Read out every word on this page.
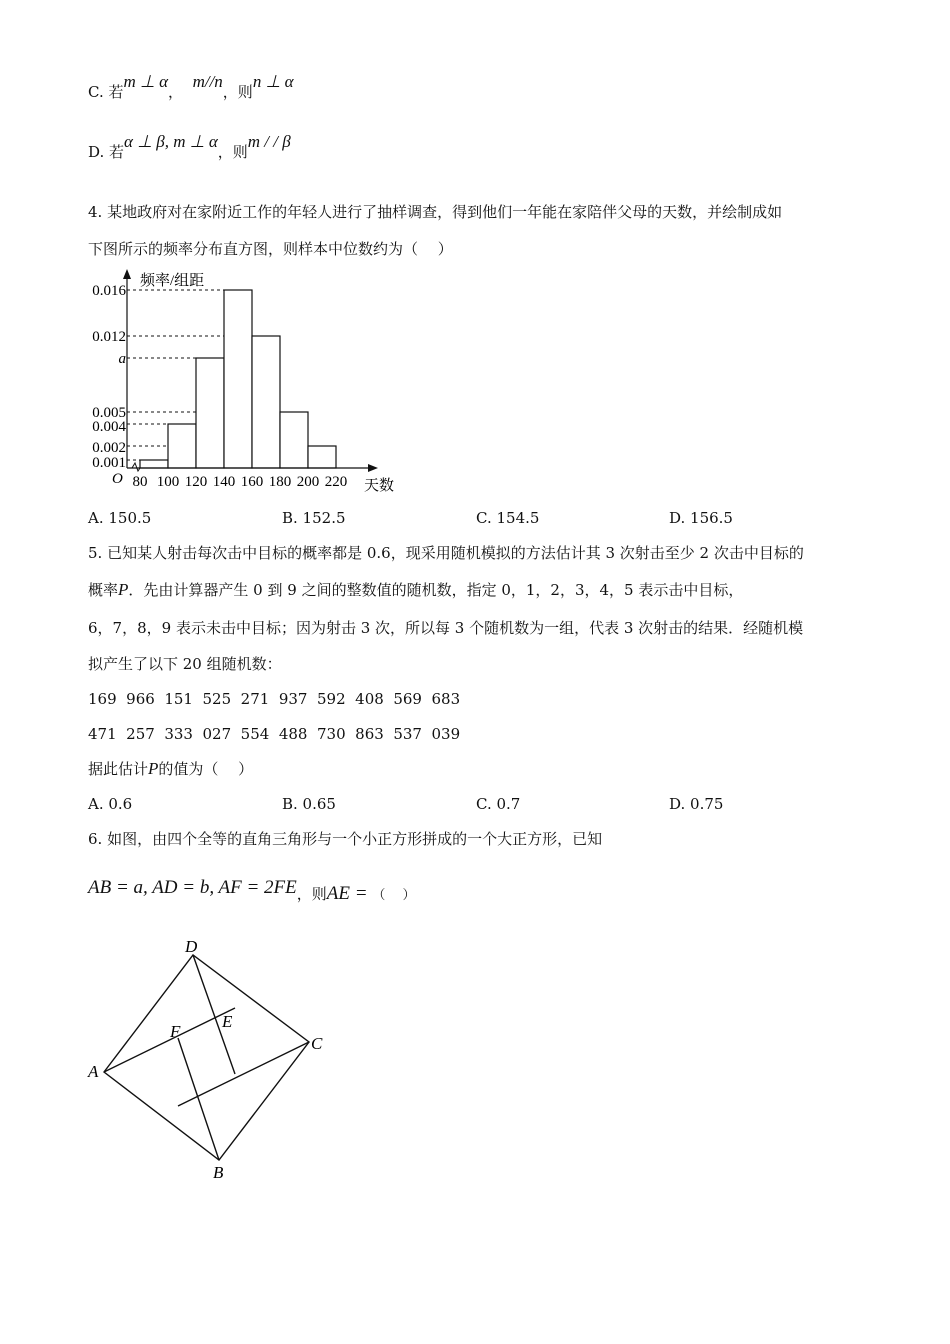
C. 若m ⊥ α，  m//n，则n ⊥ α
D. 若α ⊥ β, m ⊥ α，则m / / β
4. 某地政府对在家附近工作的年轻人进行了抽样调查，得到他们一年能在家陪伴父母的天数，并绘制成如
下图所示的频率分布直方图，则样本中位数约为（　 ）
0.016
0.012
a
0.005
0.004
0.002
0.001
80 100 120 140 160 180 200 220
O
频率/组距
天数
A. 150.5	B. 152.5	C. 154.5	D. 156.5
5. 已知某人射击每次击中目标的概率都是 0.6，现采用随机模拟的方法估计其 3 次射击至少 2 次击中目标的
概率P．先由计算器产生 0 到 9 之间的整数值的随机数，指定 0，1，2，3，4，5 表示击中目标，
6，7，8，9 表示未击中目标；因为射击 3 次，所以每 3 个随机数为一组，代表 3 次射击的结果．经随机模
拟产生了以下 20 组随机数：
169  966  151  525  271  937  592  408  569  683
471  257  333  027  554  488  730  863  537  039
据此估计P的值为（　 ）
A. 0.6	B. 0.65	C. 0.7	D. 0.75
6. 如图，由四个全等的直角三角形与一个小正方形拼成的一个大正方形，已知
AB = a, AD = b, AF = 2FE，则AE = （　 ）
A
B
C
D
E
F
